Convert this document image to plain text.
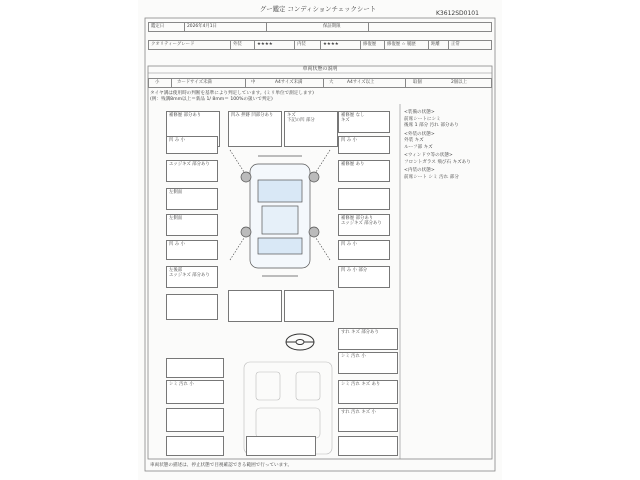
グー鑑定 コンディションチェックシート
K3612SD0101
鑑定日	2026年4月1日	保証期限
クオリティーグレード	外装	★★★★	内装	★★★★	修復歴	修復歴 ☆ 履歴	距離	正常
車両状態の説明
小	カードサイズ未満	中	A4サイズ未満	大	A4サイズ以上	取個	2個以上
タイヤ溝は使用時の判断を基準により判定しています。(ミリ単位で測定します)
(例：残溝8mm以上＝新品 1/ 8mm＝ 100%の扱いで判定)
補修歴 部分あり	凹み 押跡 凹部分あり	キズ
下記の凹 部分
補修歴 なし
キズ
凹 み 小
凹 み 小
エッジキズ 部分あり	補修歴 あり
左側面
左側面	補修歴 部分あり
エッジキズ 部分あり
凹 み 小	凹 み 小
左後部
エッジキズ 部分あり
凹 み 小 部分
<装備の状態>
前席シートにシミ
後席 1 部分 汚れ 部分あり
<外装の状態>
外装 キズ
ルーフ部 キズ
<ウィンドウ等の状態>
フロントガラス 飛び石 キズあり
<内装の状態>
前席シート シミ 汚れ 部分
すれ キズ 部分あり
シミ 汚れ 小
シミ 汚れ 小	シミ 汚れ キズ あり
すれ 汚れ キズ 小
車両状態の描述は、停止状態で目視確認できる範囲で行っています。
